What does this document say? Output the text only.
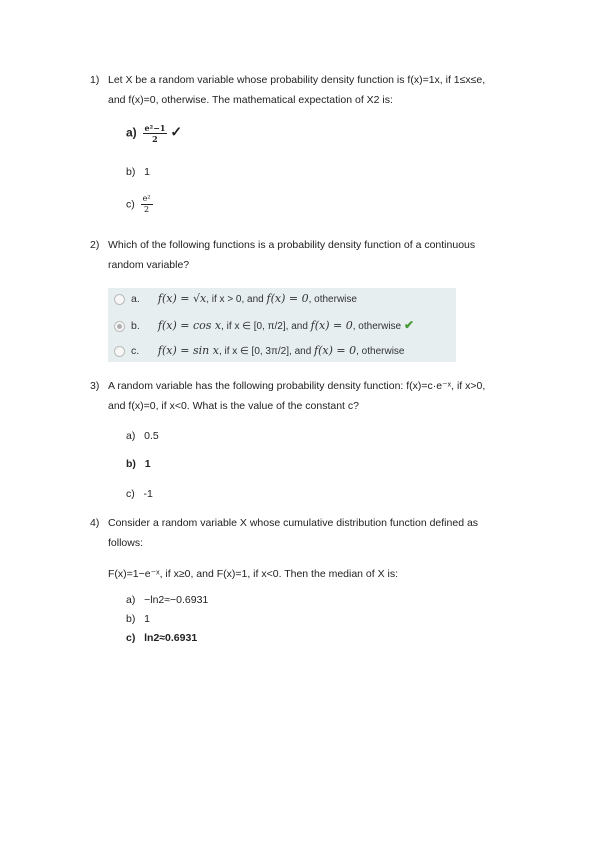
1) Let X be a random variable whose probability density function is f(x)=1x, if 1≤x≤e,
and f(x)=0, otherwise. The mathematical expectation of X2 is:
$a) \frac{\text{e²−1}}{2}$ ✓
b) 1
$c) \frac{\text{e²}}{2}$
2) Which of the following functions is a probability density function of a continuous
random variable?
a. f(x) = √x, if x > 0, and f(x) = 0, otherwise
b. f(x) = cos x, if x ∈ [0, π/2], and f(x) = 0, otherwise ✔
c. f(x) = sin x, if x ∈ [0, 3π/2], and f(x) = 0, otherwise
3) A random variable has the following probability density function: f(x)=c·e⁻ˣ, if x>0,
and f(x)=0, if x<0. What is the value of the constant c?
a) 0.5
b) 1
c) -1
4) Consider a random variable X whose cumulative distribution function defined as
follows:
F(x)=1−e⁻ˣ, if x≥0, and F(x)=1, if x<0. Then the median of X is:
a) −ln2≈−0.6931
b) 1
c) ln2≈0.6931
